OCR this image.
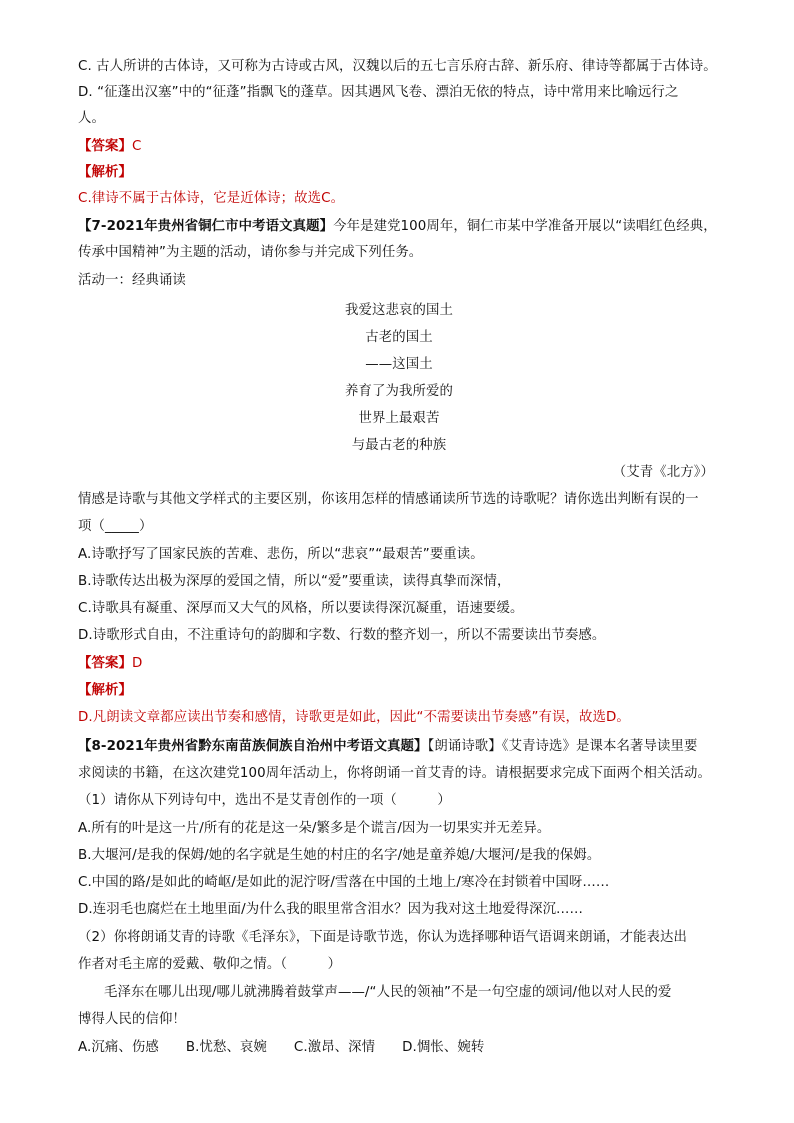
C. 古人所讲的古体诗，又可称为古诗或古风，汉魏以后的五七言乐府古辞、新乐府、律诗等都属于古体诗。
D. “征蓬出汉塞”中的“征蓬”指飘飞的蓬草。因其遇风飞卷、漂泊无依的特点，诗中常用来比喻远行之
人。
【答案】C
【解析】
C.律诗不属于古体诗，它是近体诗；故选C。
【7-2021年贵州省铜仁市中考语文真题】今年是建党100周年，铜仁市某中学准备开展以“读唱红色经典，
传承中国精神”为主题的活动，请你参与并完成下列任务。
活动一：经典诵读
我爱这悲哀的国土
古老的国土
——这国土
养育了为我所爱的
世界上最艰苦
与最古老的种族
（艾青《北方》）
情感是诗歌与其他文学样式的主要区别，你该用怎样的情感诵读所节选的诗歌呢？请你选出判断有误的一
项（_____）
A.诗歌抒写了国家民族的苦难、悲伤，所以“悲哀”“最艰苦”要重读。
B.诗歌传达出极为深厚的爱国之情，所以“爱”要重读，读得真挚而深情，
C.诗歌具有凝重、深厚而又大气的风格，所以要读得深沉凝重，语速要缓。
D.诗歌形式自由，不注重诗句的韵脚和字数、行数的整齐划一，所以不需要读出节奏感。
【答案】D
【解析】
D.凡朗读文章都应读出节奏和感情，诗歌更是如此，因此“不需要读出节奏感”有误，故选D。
【8-2021年贵州省黔东南苗族侗族自治州中考语文真题】【朗诵诗歌】《艾青诗选》是课本名著导读里要
求阅读的书籍，在这次建党100周年活动上，你将朗诵一首艾青的诗。请根据要求完成下面两个相关活动。
（1）请你从下列诗句中，选出不是艾青创作的一项（　　　）
A.所有的叶是这一片/所有的花是这一朵/繁多是个谎言/因为一切果实并无差异。
B.大堰河/是我的保姆/她的名字就是生她的村庄的名字/她是童养媳/大堰河/是我的保姆。
C.中国的路/是如此的崎岖/是如此的泥泞呀/雪落在中国的土地上/寒冷在封锁着中国呀……
D.连羽毛也腐烂在土地里面/为什么我的眼里常含泪水？因为我对这土地爱得深沉……
（2）你将朗诵艾青的诗歌《毛泽东》，下面是诗歌节选，你认为选择哪种语气语调来朗诵，才能表达出
作者对毛主席的爱戴、敬仰之情。（　　　）
毛泽东在哪儿出现/哪儿就沸腾着鼓掌声——/“人民的领袖”不是一句空虚的颂词/他以对人民的爱
博得人民的信仰！
A.沉痛、伤感　　B.忧愁、哀婉　　C.激昂、深情　　D.惆怅、婉转
